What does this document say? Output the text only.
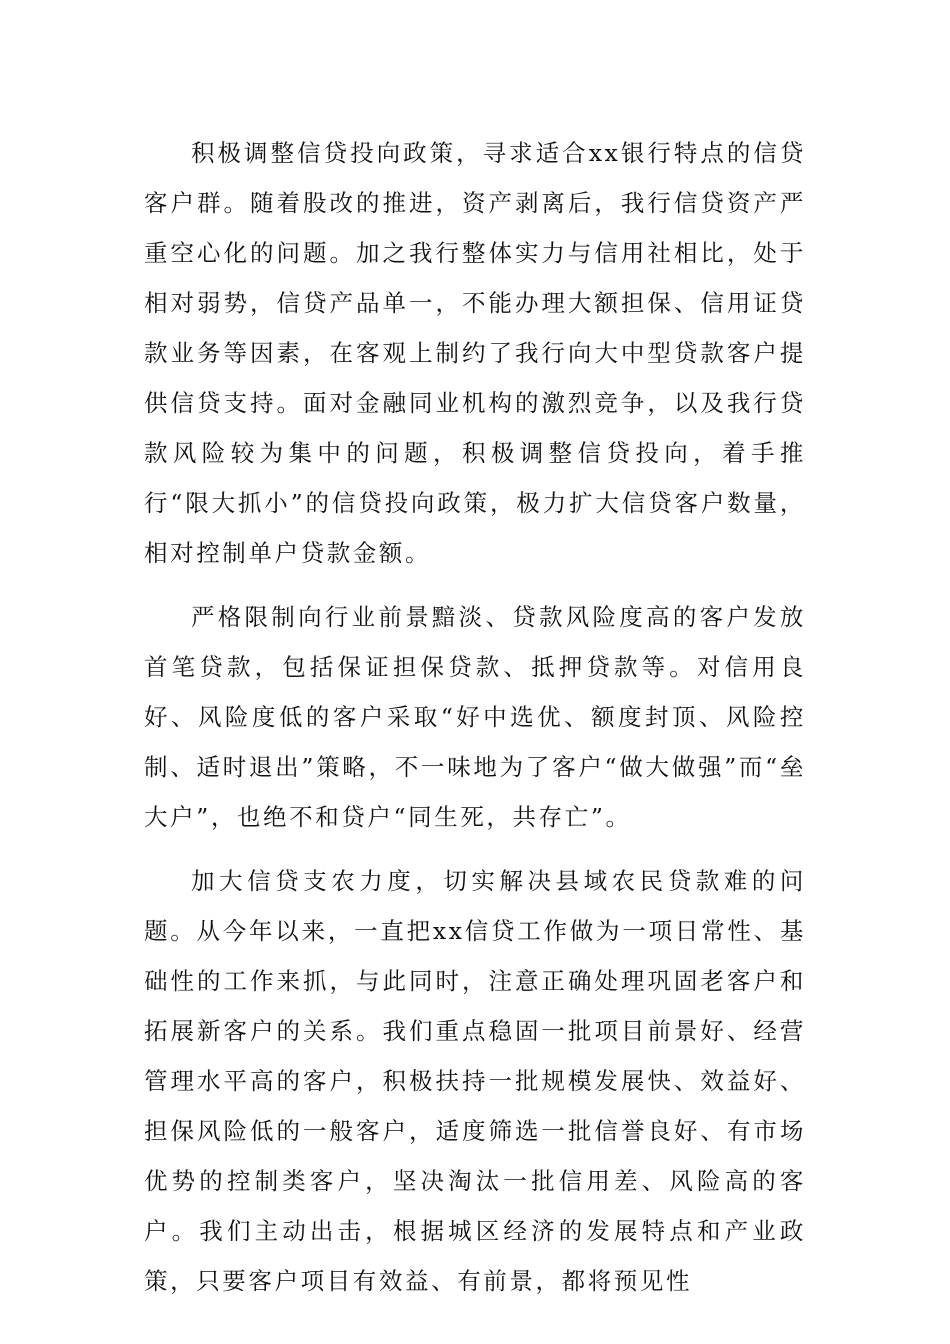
积极调整信贷投向政策，寻求适合xx银行特点的信贷客户群。随着股改的推进，资产剥离后，我行信贷资产严重空心化的问题。加之我行整体实力与信用社相比，处于相对弱势，信贷产品单一，不能办理大额担保、信用证贷款业务等因素，在客观上制约了我行向大中型贷款客户提供信贷支持。面对金融同业机构的激烈竞争，以及我行贷款风险较为集中的问题，积极调整信贷投向，着手推行“限大抓小”的信贷投向政策，极力扩大信贷客户数量，相对控制单户贷款金额。

严格限制向行业前景黯淡、贷款风险度高的客户发放首笔贷款，包括保证担保贷款、抵押贷款等。对信用良好、风险度低的客户采取“好中选优、额度封顶、风险控制、适时退出”策略，不一味地为了客户“做大做强”而“垒大户”，也绝不和贷户“同生死，共存亡”。

加大信贷支农力度，切实解决县域农民贷款难的问题。从今年以来，一直把xx信贷工作做为一项日常性、基础性的工作来抓，与此同时，注意正确处理巩固老客户和拓展新客户的关系。我们重点稳固一批项目前景好、经营管理水平高的客户，积极扶持一批规模发展快、效益好、担保风险低的一般客户，适度筛选一批信誉良好、有市场优势的控制类客户，坚决淘汰一批信用差、风险高的客户。我们主动出击，根据城区经济的发展特点和产业政策，只要客户项目有效益、有前景，都将预见性
